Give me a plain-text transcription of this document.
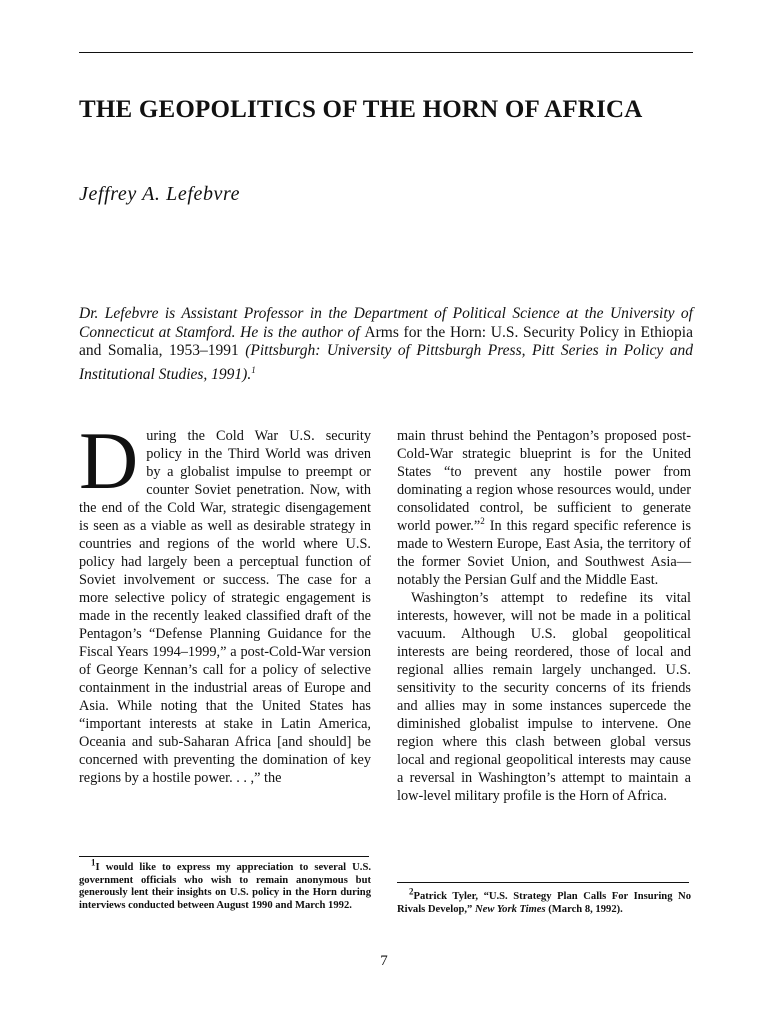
THE GEOPOLITICS OF THE HORN OF AFRICA
Jeffrey A. Lefebvre

Dr. Lefebvre is Assistant Professor in the Department of Political Science at the University of Connecticut at Stamford. He is the author of Arms for the Horn: U.S. Security Policy in Ethiopia and Somalia, 1953–1991 (Pittsburgh: University of Pittsburgh Press, Pitt Series in Policy and Institutional Studies, 1991).$^1$

During the Cold War U.S. security policy in the Third World was driven by a globalist impulse to preempt or counter Soviet penetration. Now, with the end of the Cold War, strategic disengagement is seen as a viable as well as desirable strategy in countries and regions of the world where U.S. policy had largely been a perceptual function of Soviet involvement or success. The case for a more selective policy of strategic engagement is made in the recently leaked classified draft of the Pentagon’s “Defense Planning Guidance for the Fiscal Years 1994–1999,” a post-Cold-War version of George Kennan’s call for a policy of selective containment in the industrial areas of Europe and Asia. While noting that the United States has “important interests at stake in Latin America, Oceania and sub-Saharan Africa [and should] be concerned with preventing the domination of key regions by a hostile power. . . ,” the

main thrust behind the Pentagon’s proposed post-Cold-War strategic blueprint is for the United States “to prevent any hostile power from dominating a region whose resources would, under consolidated control, be sufficient to generate world power.”$^2$ In this regard specific reference is made to Western Europe, East Asia, the territory of the former Soviet Union, and Southwest Asia—notably the Persian Gulf and the Middle East.

Washington’s attempt to redefine its vital interests, however, will not be made in a political vacuum. Although U.S. global geopolitical interests are being reordered, those of local and regional allies remain largely unchanged. U.S. sensitivity to the security concerns of its friends and allies may in some instances supercede the diminished globalist impulse to intervene. One region where this clash between global versus local and regional geopolitical interests may cause a reversal in Washington’s attempt to maintain a low-level military profile is the Horn of Africa.

$^1$I would like to express my appreciation to several U.S. government officials who wish to remain anonymous but generously lent their insights on U.S. policy in the Horn during interviews conducted between August 1990 and March 1992.

$^2$Patrick Tyler, “U.S. Strategy Plan Calls For Insuring No Rivals Develop,” New York Times (March 8, 1992).

7
